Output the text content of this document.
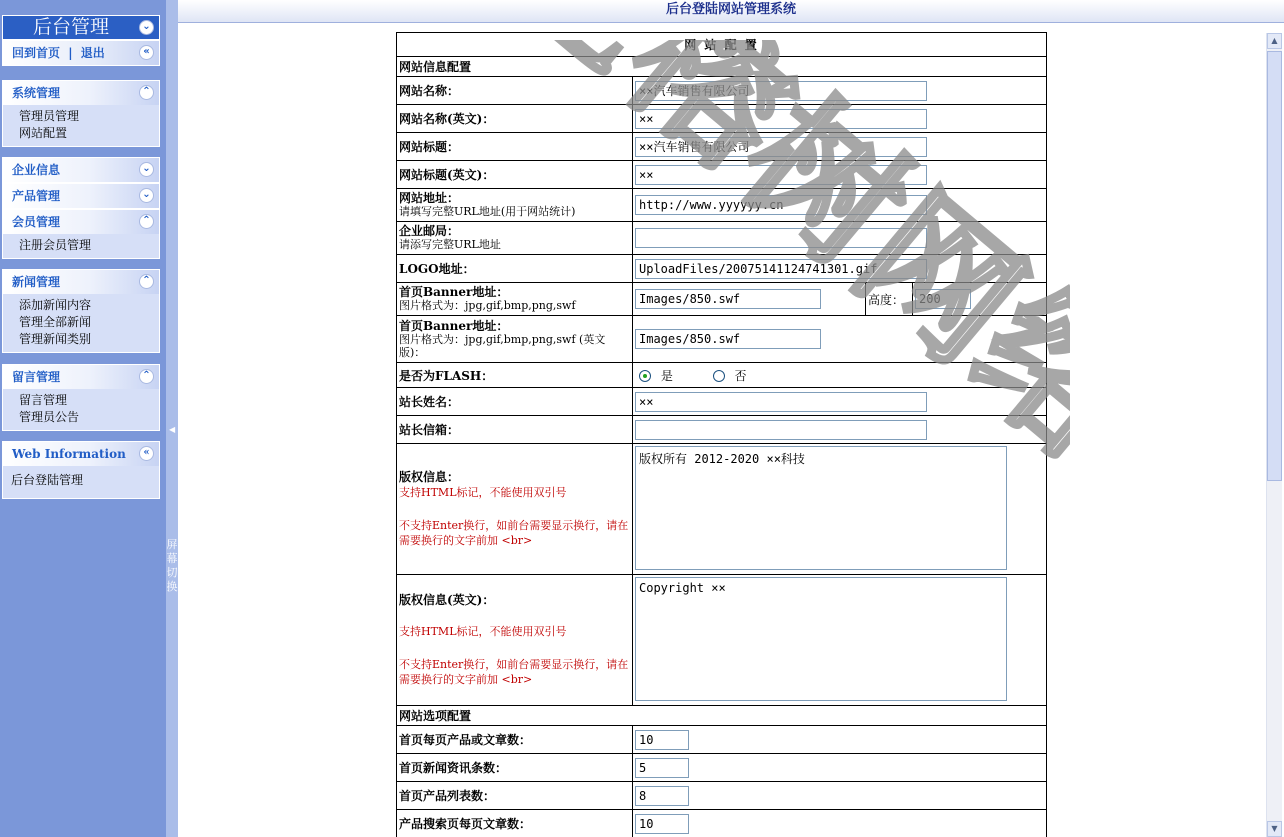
后台管理	⌄
回到首页 | 退出	«
系统管理	⌃
管理员管理
网站配置
企业信息	⌄
产品管理	⌄
会员管理	⌃
注册会员管理
新闻管理	⌃
添加新闻内容
管理全部新闻
管理新闻类别
留言管理	⌃
留言管理
管理员公告
Web Information	«
后台登陆管理
◀
屏幕切换
后台登陆网站管理系统
网 站 配 置			
网站信息配置			
网站名称：	××汽车销售有限公司
网站名称(英文)：	××
网站标题：	××汽车销售有限公司
网站标题(英文)：	××

网站地址：
请填写完整URL地址(用于网站统计)
	http://www.yyyyyy.cn

企业邮局：
请添写完整URL地址

LOGO地址：	UploadFiles/20075141124741301.gif

首页Banner地址：
图片格式为：jpg,gif,bmp,png,swf
	Images/850.swf	高度：	200

首页Banner地址：
图片格式为：jpg,gif,bmp,png,swf (英文版)：
	Images/850.swf
是否为FLASH：	是 否		
站长姓名：	××
站长信箱：	

版权信息：
支持HTML标记，不能使用双引号
不支持Enter换行，如前台需要显示换行，请在需要换行的文字前加 <br>
	版权所有 2012-2020 ××科技

版权信息(英文)：
支持HTML标记，不能使用双引号
不支持Enter换行，如前台需要显示换行，请在需要换行的文字前加 <br>
	Copyright ××
网站选项配置			
首页每页产品或文章数：	10
首页新闻资讯条数：	5
首页产品列表数：	8
产品搜索页每页文章数：	10
▲
▼
